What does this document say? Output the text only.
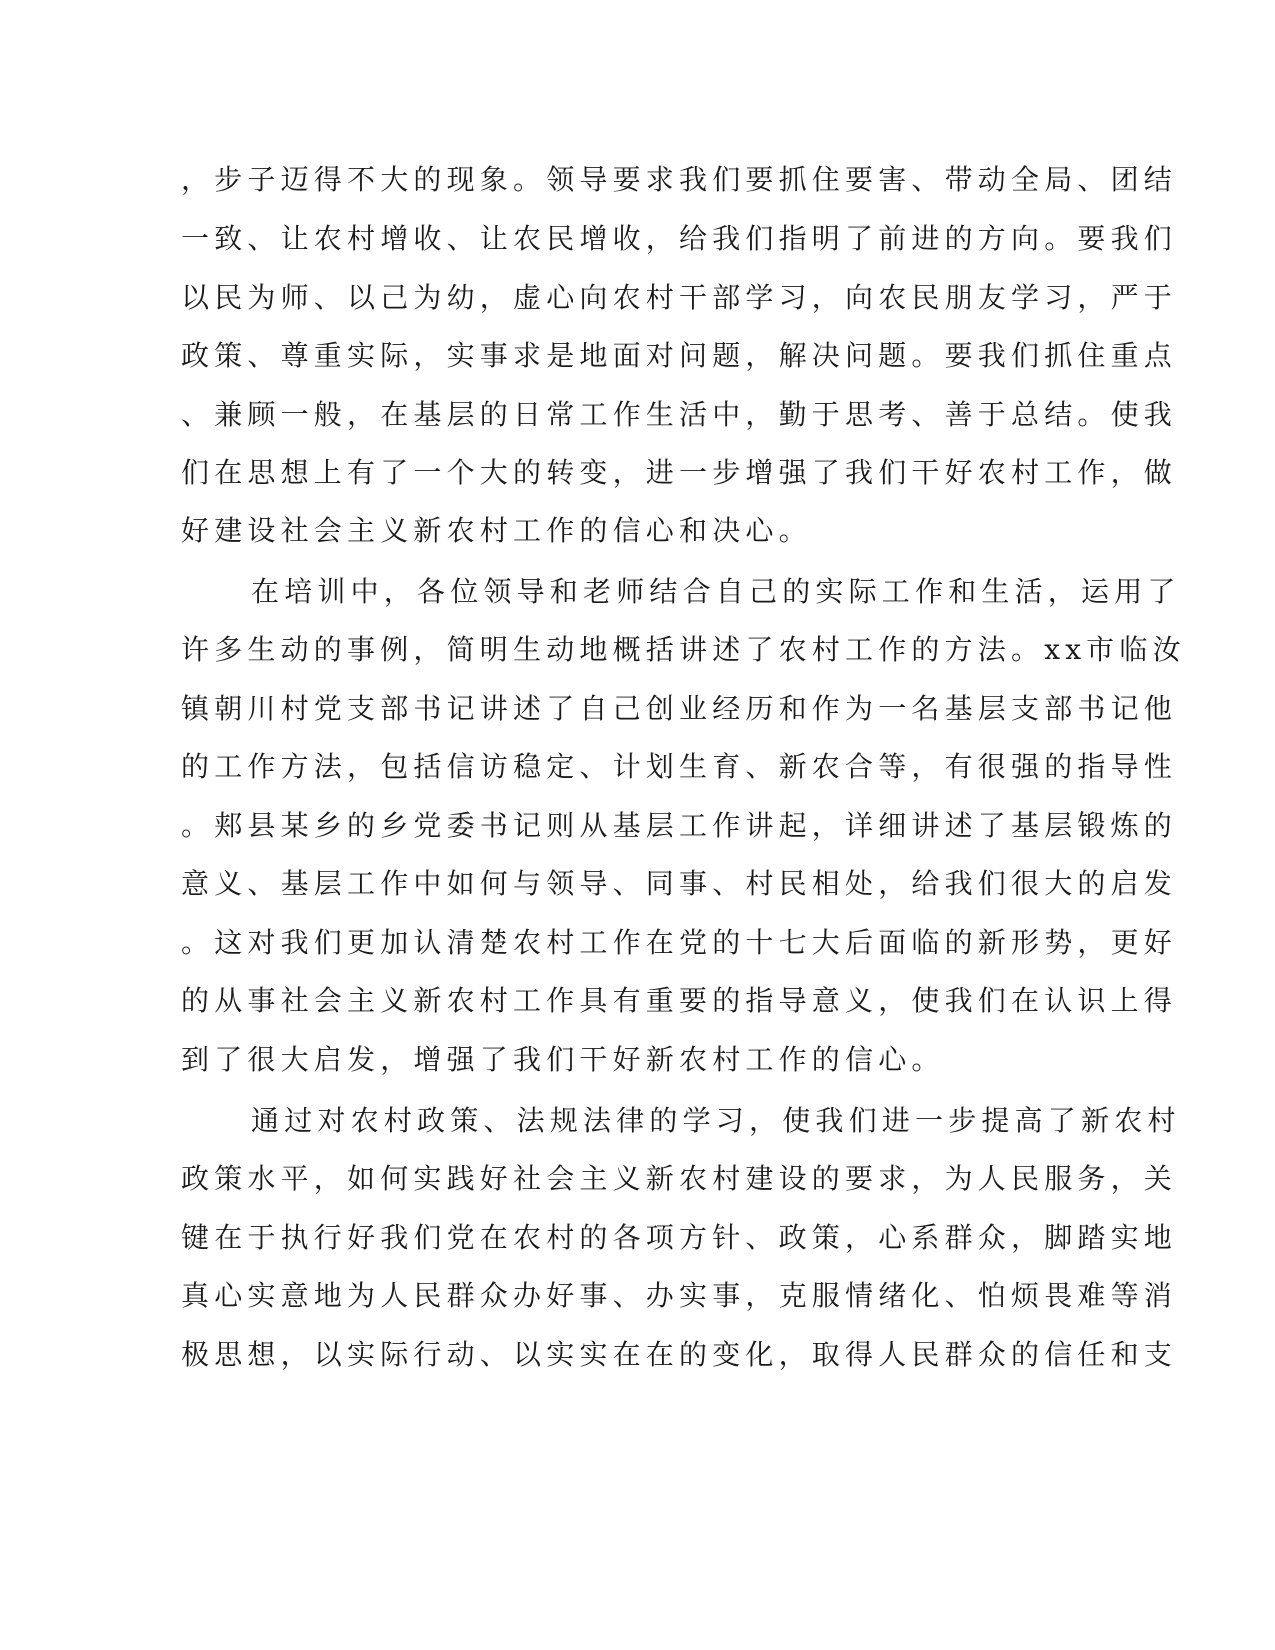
，步子迈得不大的现象。领导要求我们要抓住要害、带动全局、团结
一致、让农村增收、让农民增收，给我们指明了前进的方向。要我们
以民为师、以己为幼，虚心向农村干部学习，向农民朋友学习，严于
政策、尊重实际，实事求是地面对问题，解决问题。要我们抓住重点
、兼顾一般，在基层的日常工作生活中，勤于思考、善于总结。使我
们在思想上有了一个大的转变，进一步增强了我们干好农村工作，做
好建设社会主义新农村工作的信心和决心。
在培训中，各位领导和老师结合自己的实际工作和生活，运用了
许多生动的事例，简明生动地概括讲述了农村工作的方法。xx市临汝
镇朝川村党支部书记讲述了自己创业经历和作为一名基层支部书记他
的工作方法，包括信访稳定、计划生育、新农合等，有很强的指导性
。郏县某乡的乡党委书记则从基层工作讲起，详细讲述了基层锻炼的
意义、基层工作中如何与领导、同事、村民相处，给我们很大的启发
。这对我们更加认清楚农村工作在党的十七大后面临的新形势，更好
的从事社会主义新农村工作具有重要的指导意义，使我们在认识上得
到了很大启发，增强了我们干好新农村工作的信心。
通过对农村政策、法规法律的学习，使我们进一步提高了新农村
政策水平，如何实践好社会主义新农村建设的要求，为人民服务，关
键在于执行好我们党在农村的各项方针、政策，心系群众，脚踏实地
真心实意地为人民群众办好事、办实事，克服情绪化、怕烦畏难等消
极思想，以实际行动、以实实在在的变化，取得人民群众的信任和支
